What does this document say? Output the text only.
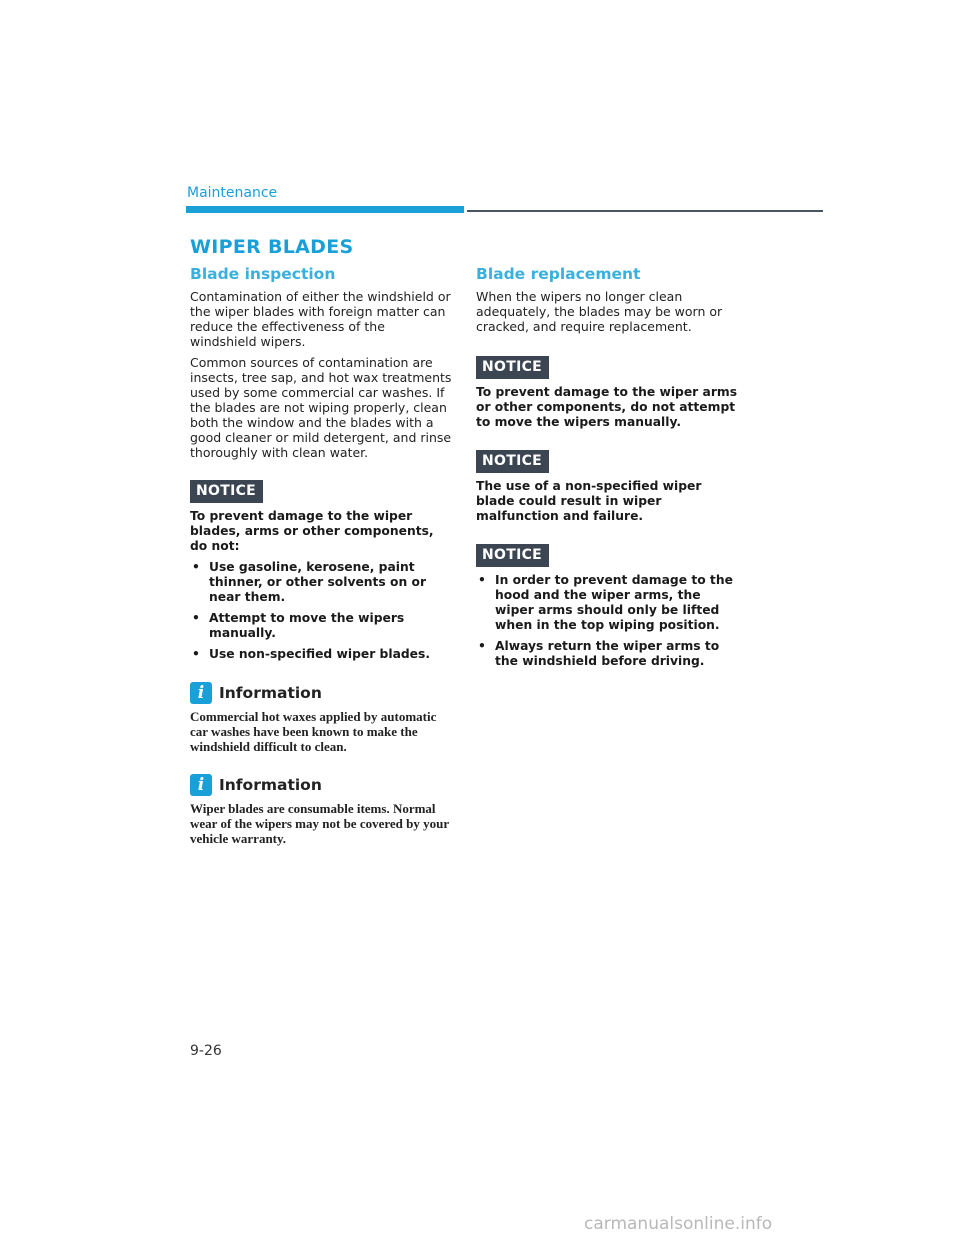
Maintenance
WIPER BLADES
Blade inspection

Contamination of either the windshield or the wiper blades with foreign matter can reduce the effectiveness of the windshield wipers.

Common sources of contamination are insects, tree sap, and hot wax treatments used by some commercial car washes. If the blades are not wiping properly, clean both the window and the blades with a good cleaner or mild detergent, and rinse thoroughly with clean water.

NOTICE

To prevent damage to the wiper blades, arms or other components, do not:

• Use gasoline, kerosene, paint thinner, or other solvents on or near them.
• Attempt to move the wipers manually.
• Use non-specified wiper blades.
i Information

Commercial hot waxes applied by automatic car washes have been known to make the windshield difficult to clean.

i Information

Wiper blades are consumable items. Normal wear of the wipers may not be covered by your vehicle warranty.

Blade replacement

When the wipers no longer clean adequately, the blades may be worn or cracked, and require replacement.

NOTICE

To prevent damage to the wiper arms or other components, do not attempt to move the wipers manually.

NOTICE

The use of a non-specified wiper blade could result in wiper malfunction and failure.

NOTICE
• In order to prevent damage to the hood and the wiper arms, the wiper arms should only be lifted when in the top wiping position.
• Always return the wiper arms to the windshield before driving.
9-26
carmanualsonline.info
